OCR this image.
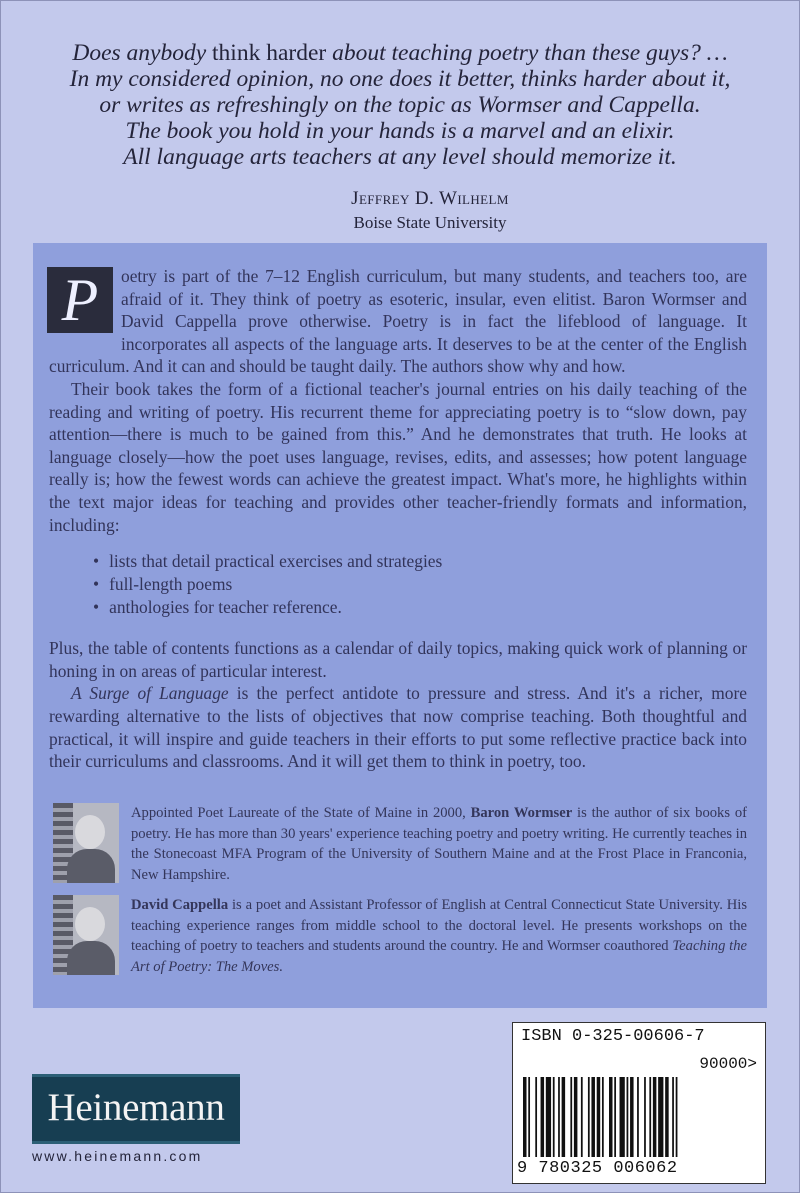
Does anybody think harder about teaching poetry than these guys? …
In my considered opinion, no one does it better, thinks harder about it,
or writes as refreshingly on the topic as Wormser and Cappella.
The book you hold in your hands is a marvel and an elixir.
All language arts teachers at any level should memorize it.
Jeffrey D. Wilhelm
Boise State University

P	oetry is part of the 7–12 English curriculum, but many students, and teachers too, are afraid of it. They think of poetry as esoteric, insular, even elitist. Baron Wormser and David Cappella prove otherwise. Poetry is in fact the lifeblood of language. It incorporates all aspects of the language arts. It deserves to be at the center of the English curriculum. And it can and should be taught daily. The authors show why and how.

Their book takes the form of a fictional teacher's journal entries on his daily teaching of the reading and writing of poetry. His recurrent theme for appreciating poetry is to “slow down, pay attention—there is much to be gained from this.” And he demonstrates that truth. He looks at language closely—how the poet uses language, revises, edits, and assesses; how potent language really is; how the fewest words can achieve the greatest impact. What's more, he highlights within the text major ideas for teaching and provides other teacher-friendly formats and information, including:

• lists that detail practical exercises and strategies
• full-length poems
• anthologies for teacher reference.

Plus, the table of contents functions as a calendar of daily topics, making quick work of planning or honing in on areas of particular interest.

A Surge of Language is the perfect antidote to pressure and stress. And it's a richer, more rewarding alternative to the lists of objectives that now comprise teaching. Both thoughtful and practical, it will inspire and guide teachers in their efforts to put some reflective practice back into their curriculums and classrooms. And it will get them to think in poetry, too.

Appointed Poet Laureate of the State of Maine in 2000, Baron Wormser is the author of six books of poetry. He has more than 30 years' experience teaching poetry and poetry writing. He currently teaches in the Stonecoast MFA Program of the University of Southern Maine and at the Frost Place in Franconia, New Hampshire.
David Cappella is a poet and Assistant Professor of English at Central Connecticut State University. His teaching experience ranges from middle school to the doctoral level. He presents workshops on the teaching of poetry to teachers and students around the country. He and Wormser coauthored Teaching the Art of Poetry: The Moves.
ISBN 0-325-00606-7
90000>
9 780325 006062
Heinemann
www.heinemann.com
